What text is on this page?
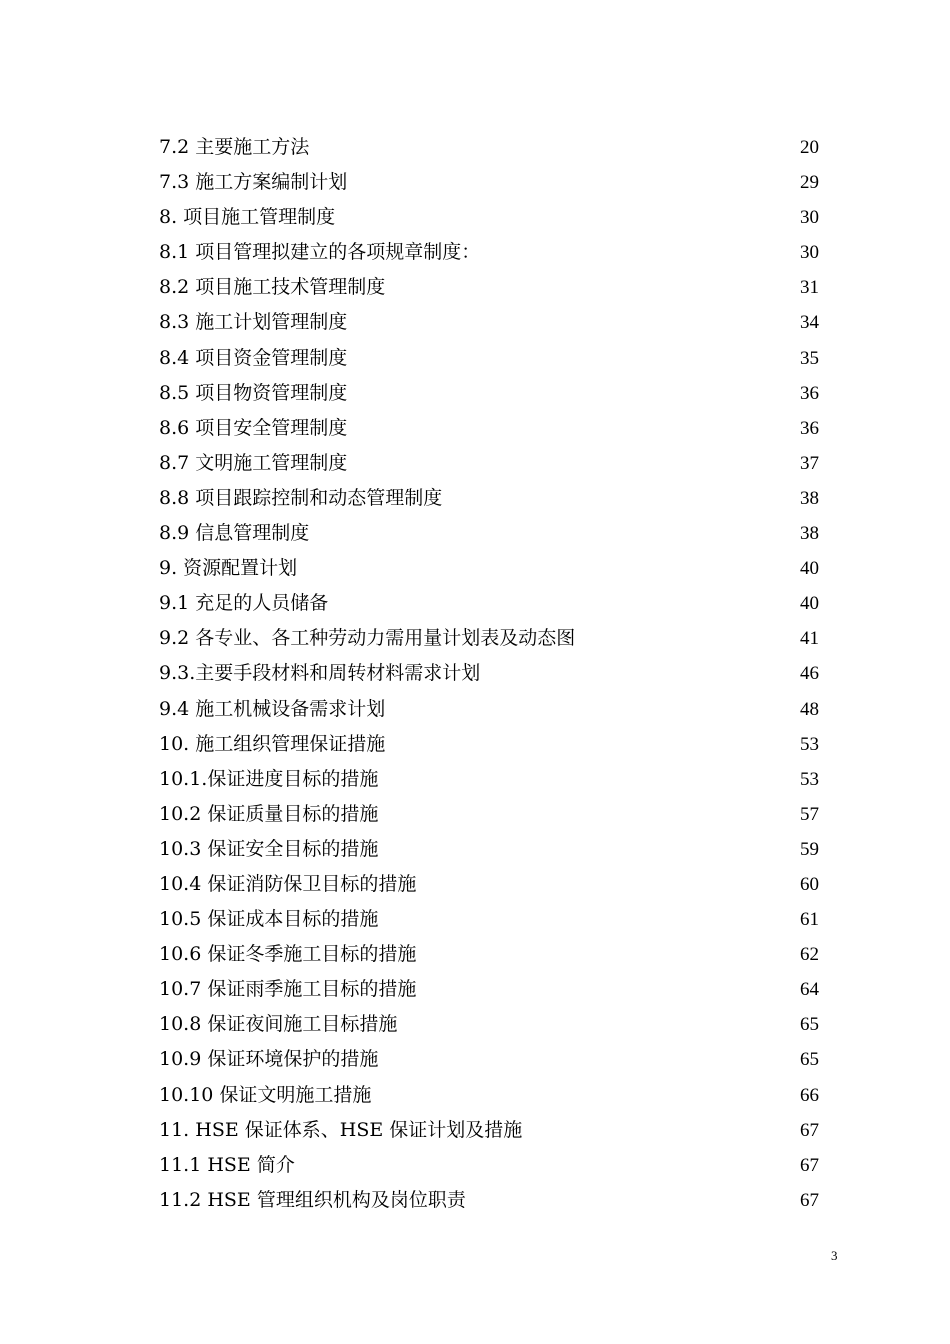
7.2 主要施工方法	20
7.3 施工方案编制计划	29
8. 项目施工管理制度	30
8.1 项目管理拟建立的各项规章制度：	30
8.2 项目施工技术管理制度	31
8.3 施工计划管理制度	34
8.4 项目资金管理制度	35
8.5 项目物资管理制度	36
8.6 项目安全管理制度	36
8.7 文明施工管理制度	37
8.8 项目跟踪控制和动态管理制度	38
8.9 信息管理制度	38
9. 资源配置计划	40
9.1 充足的人员储备	40
9.2 各专业、各工种劳动力需用量计划表及动态图	41
9.3.主要手段材料和周转材料需求计划	46
9.4 施工机械设备需求计划	48
10. 施工组织管理保证措施	53
10.1.保证进度目标的措施	53
10.2 保证质量目标的措施	57
10.3 保证安全目标的措施	59
10.4 保证消防保卫目标的措施	60
10.5 保证成本目标的措施	61
10.6 保证冬季施工目标的措施	62
10.7 保证雨季施工目标的措施	64
10.8 保证夜间施工目标措施	65
10.9 保证环境保护的措施	65
10.10 保证文明施工措施	66
11. HSE 保证体系、HSE 保证计划及措施	67
11.1 HSE 简介	67
11.2 HSE 管理组织机构及岗位职责	67
3
